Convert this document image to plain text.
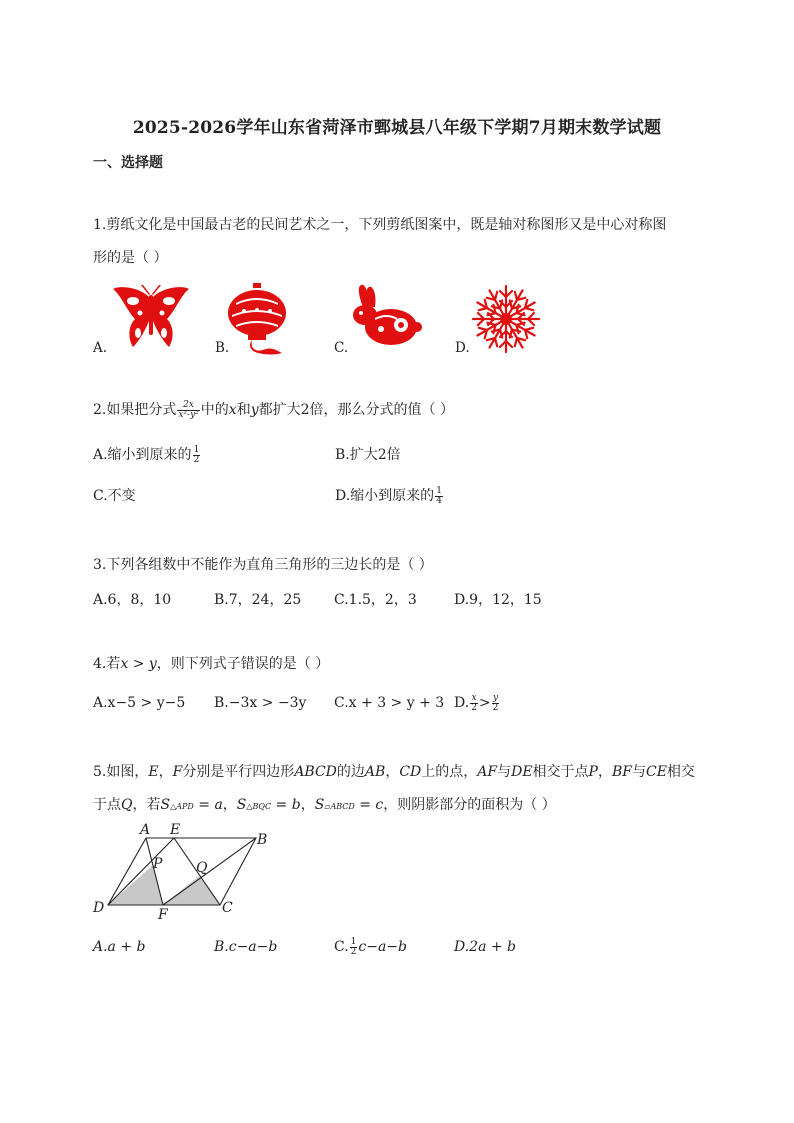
2025-2026学年山东省菏泽市鄄城县八年级下学期7月期末数学试题
一、选择题
1.剪纸文化是中国最古老的民间艺术之一，下列剪纸图案中，既是轴对称图形又是中心对称图
形的是（ ）
A.	B.	C.	D.
2.如果把分式 $\frac{2x}{\text{x²-y²}}$ 中的x和y都扩大2倍，那么分式的值（ ）
A.缩小到原来的 $\frac{1}{2}$	B.扩大2倍
C.不变	D.缩小到原来的 $\frac{1}{4}$
3.下列各组数中不能作为直角三角形的三边长的是（ ）
A.6，8，10	B.7，24，25 C.1.5，2，3	D.9，12，15
4.若x > y，则下列式子错误的是（ ）
A.x−5 > y−5 B.−3x > −3y C.x + 3 > y + 3 D. $\frac{x}{2} > \frac{y}{2}$
5.如图，E，F分别是平行四边形ABCD的边AB，CD上的点，AF与DE相交于点P，BF与CE相交
于点Q，若S△APD = a，S△BQC = b，S▱ABCD = c，则阴影部分的面积为（ ）
A E
B
P Q
D	F	C
A.a + b	B.c−a−b	C. $\frac{1}{2} c-a-b$	D.2a + b
